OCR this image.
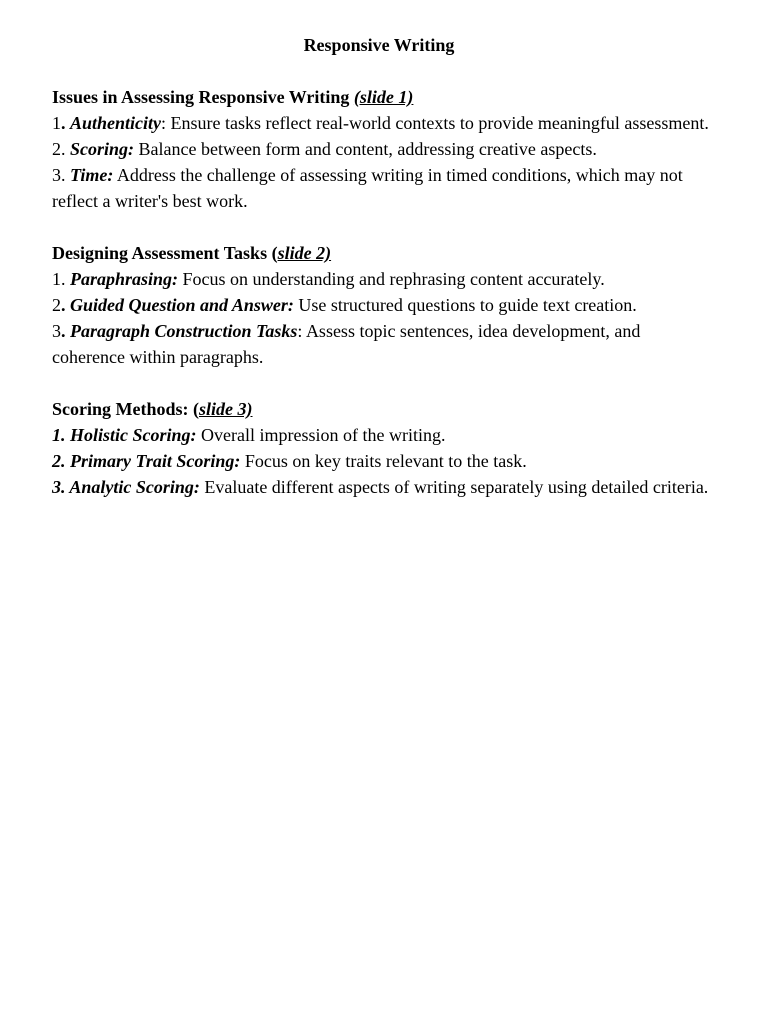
Responsive Writing

Issues in Assessing Responsive Writing (slide 1)

1. Authenticity: Ensure tasks reflect real-world contexts to provide meaningful assessment.

2. Scoring: Balance between form and content, addressing creative aspects.

3. Time: Address the challenge of assessing writing in timed conditions, which may not reflect a writer's best work.

Designing Assessment Tasks (slide 2)

1. Paraphrasing: Focus on understanding and rephrasing content accurately.

2. Guided Question and Answer: Use structured questions to guide text creation.

3. Paragraph Construction Tasks: Assess topic sentences, idea development, and coherence within paragraphs.

Scoring Methods: (slide 3)

1. Holistic Scoring: Overall impression of the writing.

2. Primary Trait Scoring: Focus on key traits relevant to the task.

3. Analytic Scoring: Evaluate different aspects of writing separately using detailed criteria.
